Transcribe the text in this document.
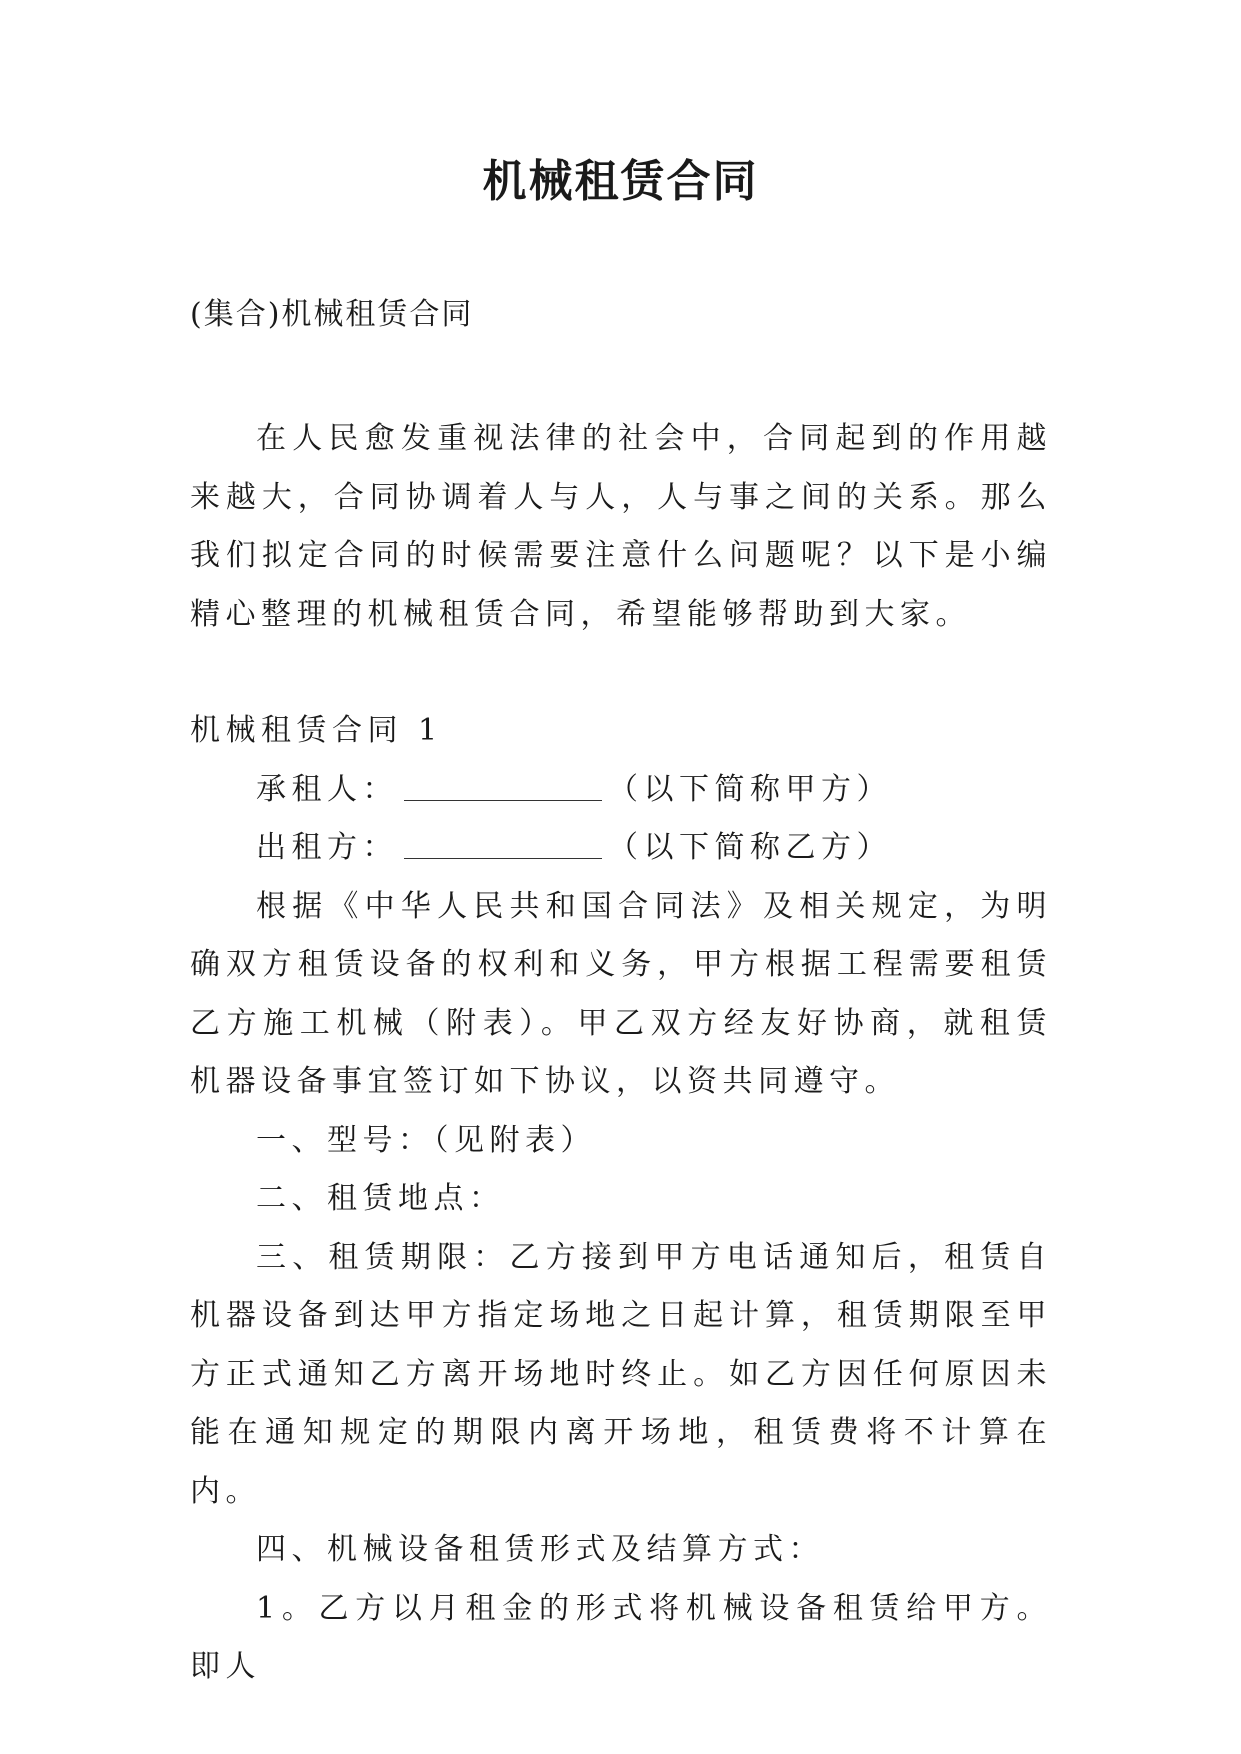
机械租赁合同
(集合)机械租赁合同

在人民愈发重视法律的社会中，合同起到的作用越来越大，合同协调着人与人，人与事之间的关系。那么我们拟定合同的时候需要注意什么问题呢？以下是小编精心整理的机械租赁合同，希望能够帮助到大家。

机械租赁合同 1

承租人：	（以下简称甲方）

出租方：	（以下简称乙方）

根据《中华人民共和国合同法》及相关规定，为明确双方租赁设备的权利和义务，甲方根据工程需要租赁乙方施工机械（附表）。甲乙双方经友好协商，就租赁机器设备事宜签订如下协议，以资共同遵守。

一、型号：（见附表）

二、租赁地点：

三、租赁期限：乙方接到甲方电话通知后，租赁自机器设备到达甲方指定场地之日起计算，租赁期限至甲方正式通知乙方离开场地时终止。如乙方因任何原因未能在通知规定的期限内离开场地，租赁费将不计算在内。

四、机械设备租赁形式及结算方式：

1。乙方以月租金的形式将机械设备租赁给甲方。即人
